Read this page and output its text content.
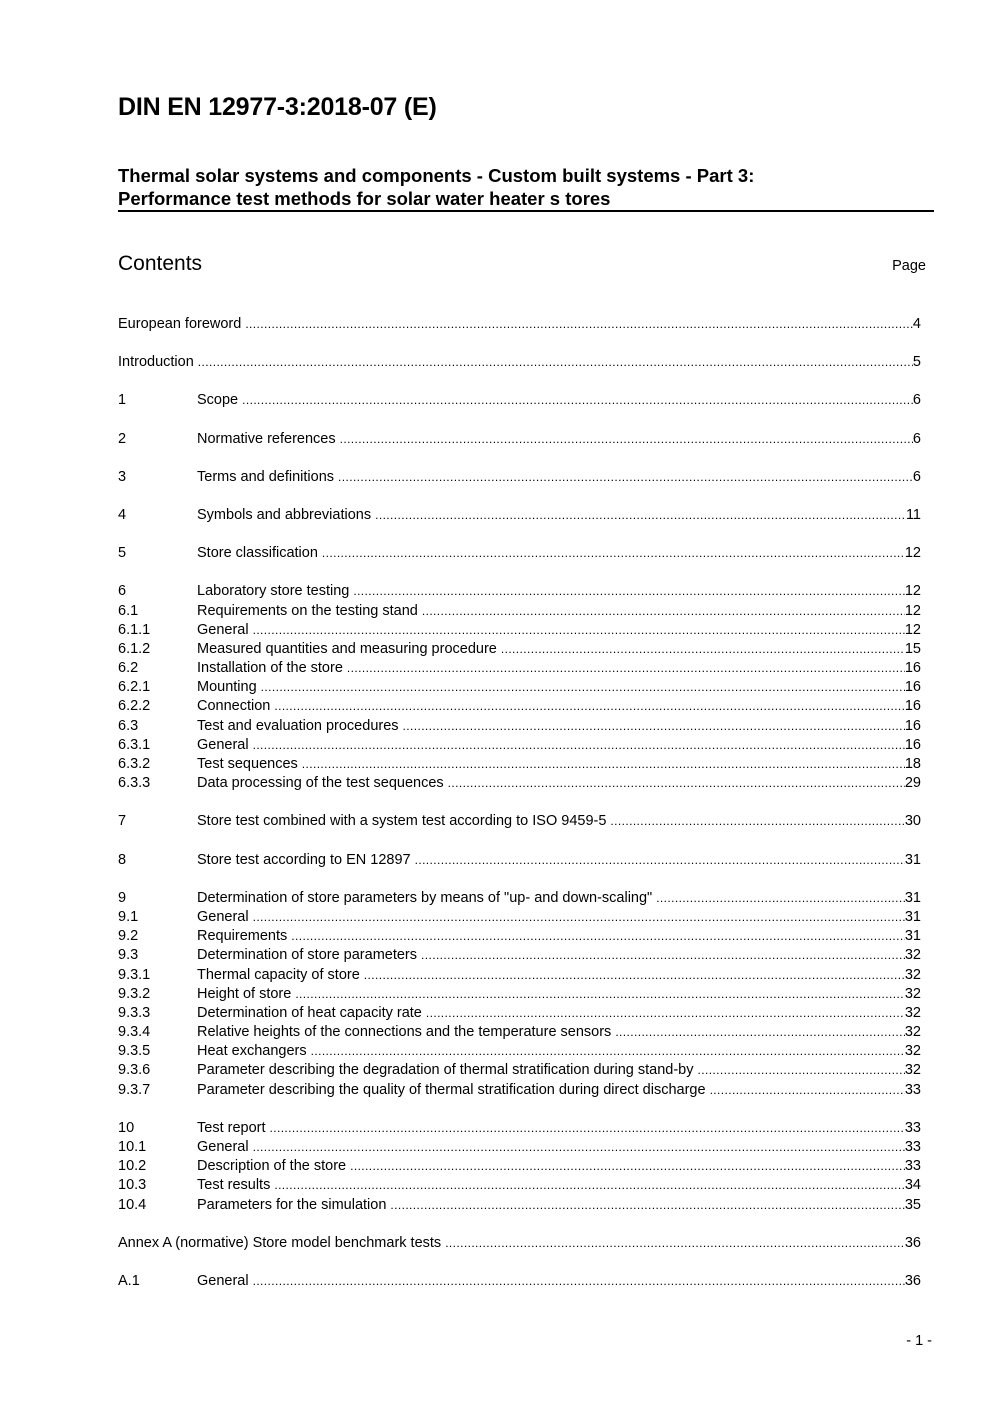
DIN EN 12977-3:2018-07 (E)
Thermal solar systems and components - Custom built systems - Part 3:
Performance test methods for solar water heater s tores
Contents	Page
European foreword .....	4
Introduction .....	5
1	Scope .....	6
2	Normative references .....	6
3	Terms and definitions .....	6
4	Symbols and abbreviations .....	11
5	Store classification .....	12
6	Laboratory store testing .....	12
6.1	Requirements on the testing stand .....	12
6.1.1	General .....	12
6.1.2	Measured quantities and measuring procedure .....	15
6.2	Installation of the store .....	16
6.2.1	Mounting .....	16
6.2.2	Connection .....	16
6.3	Test and evaluation procedures .....	16
6.3.1	General .....	16
6.3.2	Test sequences .....	18
6.3.3	Data processing of the test sequences .....	29
7	Store test combined with a system test according to ISO 9459-5 .....	30
8	Store test according to EN 12897 .....	31
9	Determination of store parameters by means of "up- and down-scaling" .....	31
9.1	General .....	31
9.2	Requirements .....	31
9.3	Determination of store parameters .....	32
9.3.1	Thermal capacity of store .....	32
9.3.2	Height of store .....	32
9.3.3	Determination of heat capacity rate .....	32
9.3.4	Relative heights of the connections and the temperature sensors .....	32
9.3.5	Heat exchangers .....	32
9.3.6	Parameter describing the degradation of thermal stratification during stand-by .....	32
9.3.7	Parameter describing the quality of thermal stratification during direct discharge .....	33
10	Test report .....	33
10.1	General .....	33
10.2	Description of the store .....	33
10.3	Test results .....	34
10.4	Parameters for the simulation .....	35
Annex A (normative) Store model benchmark tests .....	36
A.1	General .....	36
- 1 -
